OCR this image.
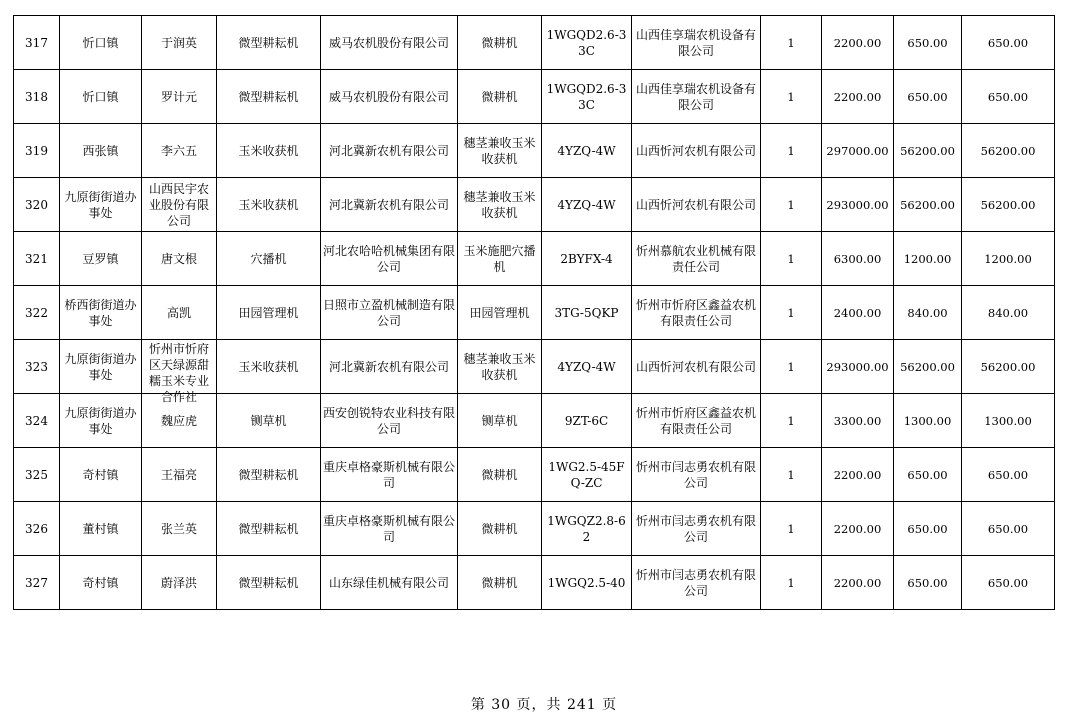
317	忻口镇	于润英	微型耕耘机	威马农机股份有限公司	微耕机	1WGQD2.6-33C	山西佳享瑞农机设备有限公司	1	2200.00	650.00	650.00

318	忻口镇	罗计元	微型耕耘机	威马农机股份有限公司	微耕机	1WGQD2.6-33C	山西佳享瑞农机设备有限公司	1	2200.00	650.00	650.00

319	西张镇	李六五	玉米收获机	河北冀新农机有限公司	穗茎兼收玉米收获机	4YZQ-4W	山西忻河农机有限公司	1	297000.00	56200.00	56200.00

320	九原街街道办事处	山西民宇农业股份有限公司	玉米收获机	河北冀新农机有限公司	穗茎兼收玉米收获机	4YZQ-4W	山西忻河农机有限公司	1	293000.00	56200.00	56200.00

321	豆罗镇	唐文根	穴播机	河北农哈哈机械集团有限公司	玉米施肥穴播机	2BYFX-4	忻州慕航农业机械有限责任公司	1	6300.00	1200.00	1200.00

322	桥西街街道办事处	高凯	田园管理机	日照市立盈机械制造有限公司	田园管理机	3TG-5QKP	忻州市忻府区鑫益农机有限责任公司	1	2400.00	840.00	840.00

323	九原街街道办事处	忻州市忻府区天绿源甜糯玉米专业合作社	玉米收获机	河北冀新农机有限公司	穗茎兼收玉米收获机	4YZQ-4W	山西忻河农机有限公司	1	293000.00	56200.00	56200.00

324	九原街街道办事处	魏应虎	铡草机	西安创锐特农业科技有限公司	铡草机	9ZT-6C	忻州市忻府区鑫益农机有限责任公司	1	3300.00	1300.00	1300.00

325	奇村镇	王福亮	微型耕耘机	重庆卓格豪斯机械有限公司	微耕机	1WG2.5-45FQ-ZC	忻州市闫志勇农机有限公司	1	2200.00	650.00	650.00

326	董村镇	张兰英	微型耕耘机	重庆卓格豪斯机械有限公司	微耕机	1WGQZ2.8-62	忻州市闫志勇农机有限公司	1	2200.00	650.00	650.00

327	奇村镇	蔚泽洪	微型耕耘机	山东绿佳机械有限公司	微耕机	1WGQ2.5-40	忻州市闫志勇农机有限公司	1	2200.00	650.00	650.00
第 30 页，共 241 页
